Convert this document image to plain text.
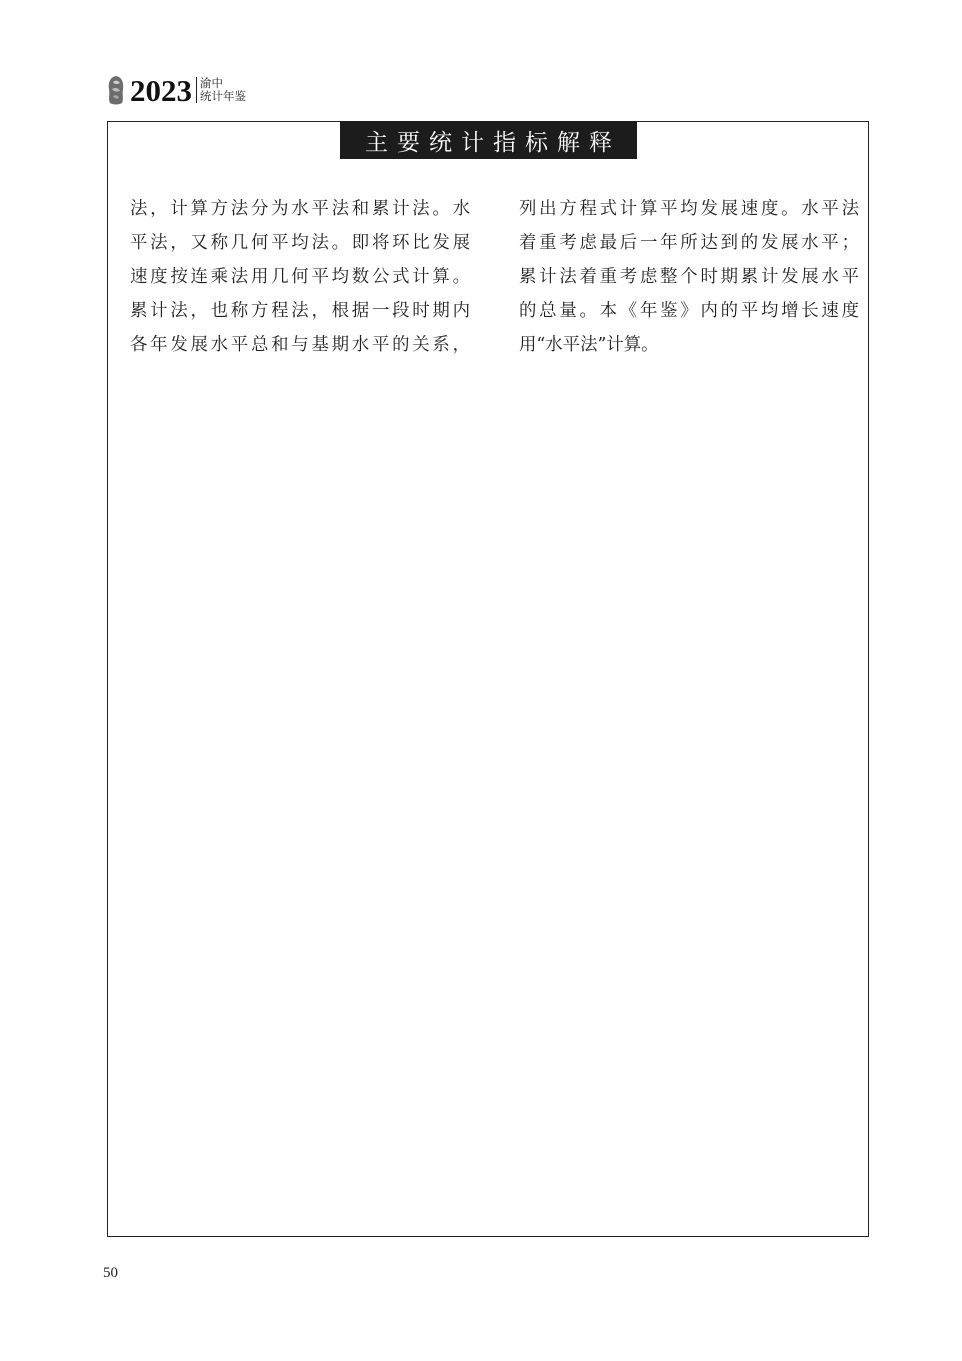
2023 渝中
统计年鉴
主要统计指标解释
法，计算方法分为水平法和累计法。水
平法，又称几何平均法。即将环比发展
速度按连乘法用几何平均数公式计算。
累计法，也称方程法，根据一段时期内
各年发展水平总和与基期水平的关系，
列出方程式计算平均发展速度。水平法
着重考虑最后一年所达到的发展水平；
累计法着重考虑整个时期累计发展水平
的总量。本《年鉴》内的平均增长速度
用“水平法”计算。
50
